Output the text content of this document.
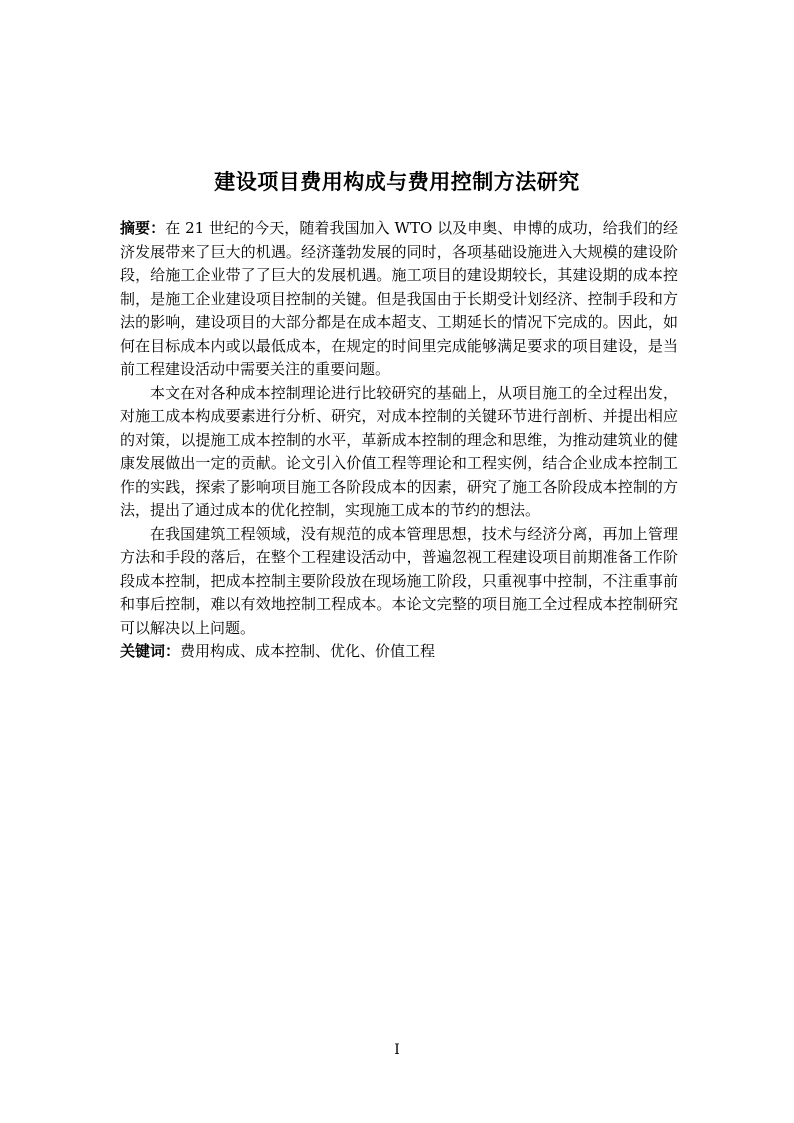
建设项目费用构成与费用控制方法研究

摘要：在 21 世纪的今天，随着我国加入 WTO 以及申奥、申博的成功，给我们的经济发展带来了巨大的机遇。经济蓬勃发展的同时，各项基础设施进入大规模的建设阶段，给施工企业带了了巨大的发展机遇。施工项目的建设期较长，其建设期的成本控制，是施工企业建设项目控制的关键。但是我国由于长期受计划经济、控制手段和方法的影响，建设项目的大部分都是在成本超支、工期延长的情况下完成的。因此，如何在目标成本内或以最低成本，在规定的时间里完成能够满足要求的项目建设，是当前工程建设活动中需要关注的重要问题。

本文在对各种成本控制理论进行比较研究的基础上，从项目施工的全过程出发，对施工成本构成要素进行分析、研究，对成本控制的关键环节进行剖析、并提出相应的对策，以提施工成本控制的水平，革新成本控制的理念和思维，为推动建筑业的健康发展做出一定的贡献。论文引入价值工程等理论和工程实例，结合企业成本控制工作的实践，探索了影响项目施工各阶段成本的因素，研究了施工各阶段成本控制的方法，提出了通过成本的优化控制，实现施工成本的节约的想法。

在我国建筑工程领域，没有规范的成本管理思想，技术与经济分离，再加上管理方法和手段的落后，在整个工程建设活动中，普遍忽视工程建设项目前期准备工作阶段成本控制，把成本控制主要阶段放在现场施工阶段，只重视事中控制，不注重事前和事后控制，难以有效地控制工程成本。本论文完整的项目施工全过程成本控制研究可以解决以上问题。

关键词：费用构成、成本控制、优化、价值工程

I
